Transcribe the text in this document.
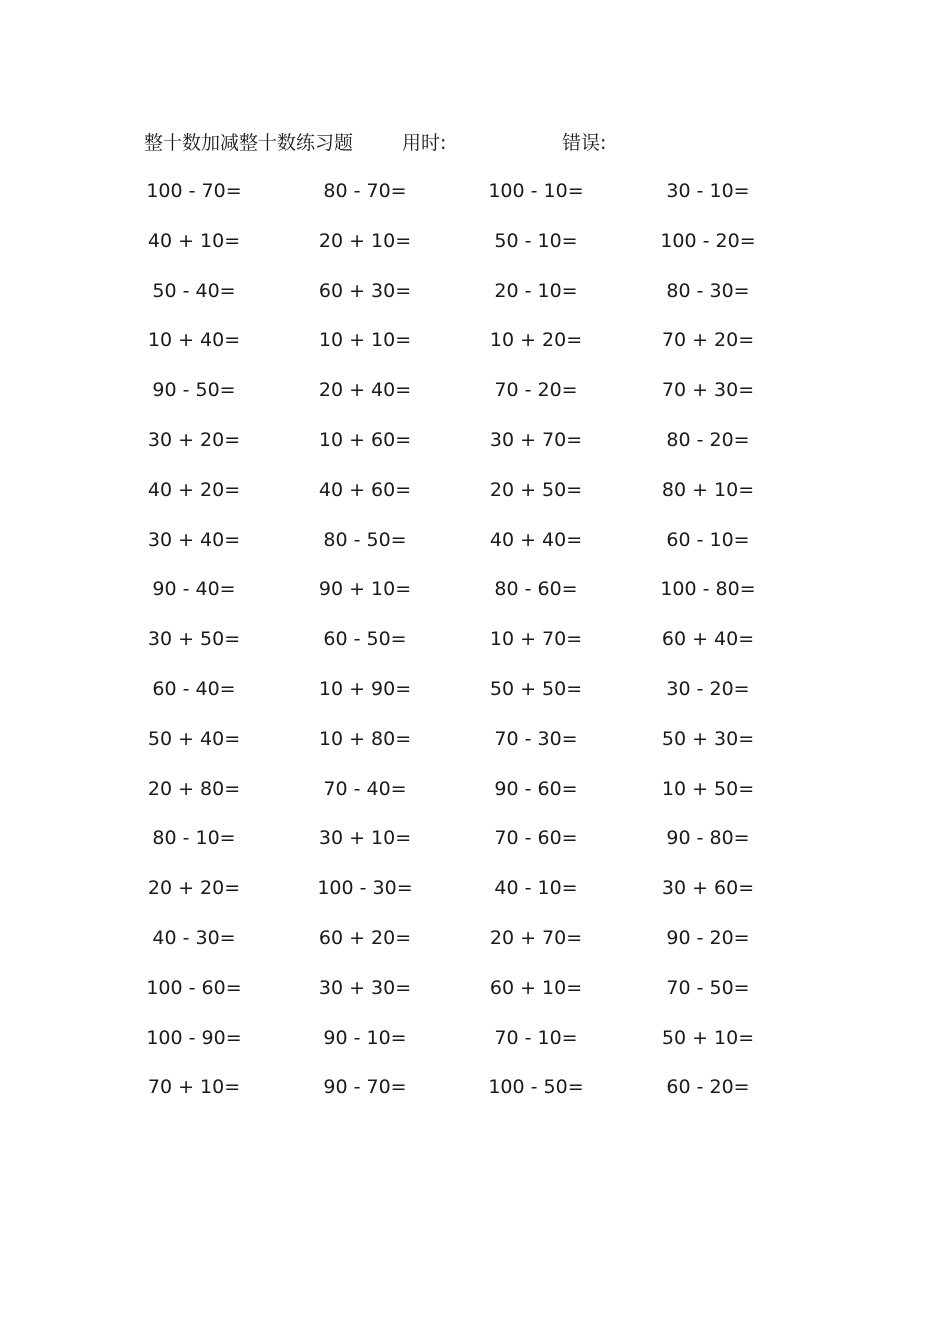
整十数加减整十数练习题	用时:	错误:
100 - 70=	80 - 70=	100 - 10=	30 - 10=
40 + 10=	20 + 10=	50 - 10=	100 - 20=
50 - 40=	60 + 30=	20 - 10=	80 - 30=
10 + 40=	10 + 10=	10 + 20=	70 + 20=
90 - 50=	20 + 40=	70 - 20=	70 + 30=
30 + 20=	10 + 60=	30 + 70=	80 - 20=
40 + 20=	40 + 60=	20 + 50=	80 + 10=
30 + 40=	80 - 50=	40 + 40=	60 - 10=
90 - 40=	90 + 10=	80 - 60=	100 - 80=
30 + 50=	60 - 50=	10 + 70=	60 + 40=
60 - 40=	10 + 90=	50 + 50=	30 - 20=
50 + 40=	10 + 80=	70 - 30=	50 + 30=
20 + 80=	70 - 40=	90 - 60=	10 + 50=
80 - 10=	30 + 10=	70 - 60=	90 - 80=
20 + 20=	100 - 30=	40 - 10=	30 + 60=
40 - 30=	60 + 20=	20 + 70=	90 - 20=
100 - 60=	30 + 30=	60 + 10=	70 - 50=
100 - 90=	90 - 10=	70 - 10=	50 + 10=
70 + 10=	90 - 70=	100 - 50=	60 - 20=
